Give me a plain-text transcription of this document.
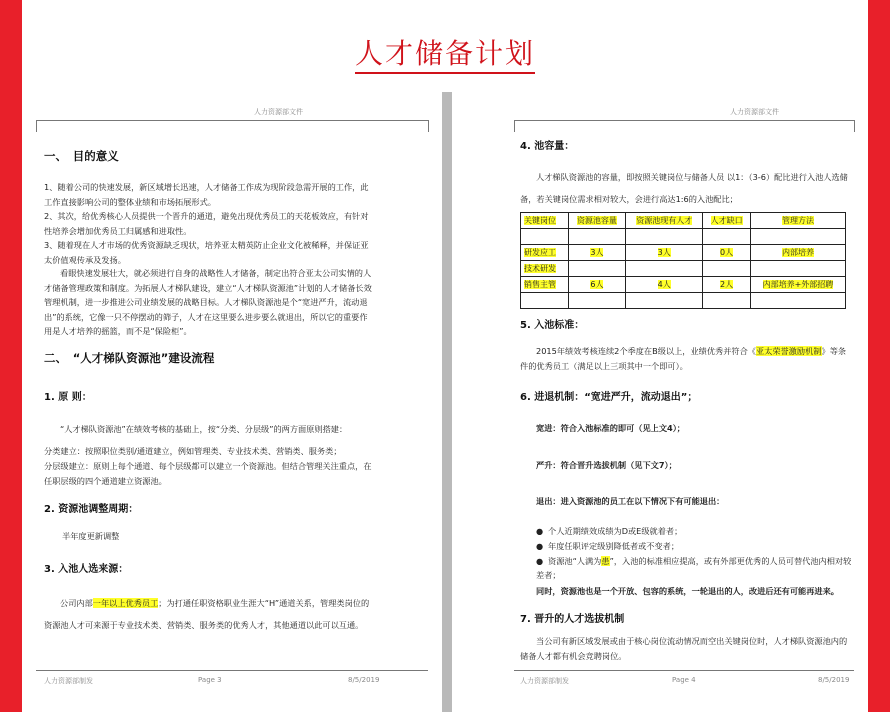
人才储备计划
人力资源部文件
一、　目的意义

1、随着公司的快速发展，新区域增长迅速，人才储备工作成为现阶段急需开展的工作，此工作直接影响公司的整体业绩和市场拓展形式。

2、其次，给优秀核心人员提供一个晋升的通道，避免出现优秀员工的天花板效应，有针对性培养会增加优秀员工归属感和进取性。

3、随着现在人才市场的优秀资源缺乏现状，培养亚太精英防止企业文化被稀释，并保证亚太价值观传承及发扬。

看眼快速发展壮大，就必须进行自身的战略性人才储备，制定出符合亚太公司实情的人才储备管理政策和制度。为拓展人才梯队建设，建立“人才梯队资源池”计划的人才储备长效管理机制，进一步推进公司业绩发展的战略目标。人才梯队资源池是个“宽进严升，流动退出”的系统，它像一只不停摆动的筛子，人才在这里要么进步要么就退出，所以它的重要作用是人才培养的摇篮，而不是“保险柜”。

二、　“人才梯队资源池”建设流程
1. 原 则：

“人才梯队资源池”在绩效考核的基础上，按“分类、分层级”的两方面原则搭建：

分类建立：按照职位类别/通道建立，例如管理类、专业技术类、营销类、服务类；

分层级建立：原则上每个通道、每个层级都可以建立一个资源池。但结合管理关注重点，在任职层级的四个通道建立资源池。

2. 资源池调整周期：

半年度更新调整

3. 入池人选来源：

公司内部一年以上优秀员工；为打通任职资格职业生涯大“H”通道关系，管理类岗位的资源池人才可来源于专业技术类、营销类、服务类的优秀人才，其他通道以此可以互通。

人力资源部制发	Page 3	8/5/2019
人力资源部文件
4. 池容量：

人才梯队资源池的容量，即按照关键岗位与储备人员 以1：（3-6）配比进行入池人选储备，若关键岗位需求相对较大，会进行高达1:6的入池配比；

关键岗位	资源池容量	资源池现有人才	人才缺口	管理方法

研发应工	3人	3人	0人	内部培养
技术研发				
销售主管	6人	4人	2人	内部培养+外部招聘

5. 入池标准：

2015年绩效考核连续2个季度在B级以上，业绩优秀并符合《亚太荣誉激励机制》等条件的优秀员工（满足以上三项其中一个即可）。

6. 进退机制：“宽进严升，流动退出”；

宽进：符合入池标准的即可（见上文4）；

严升：符合晋升选拔机制（见下文7）；

退出：进入资源池的员工在以下情况下有可能退出：

● 个人近期绩效成绩为D或E级就着者；

● 年度任职评定级别降低者或不变者；

● 资源池“人满为患”，入池的标准相应提高，或有外部更优秀的人员可替代池内相对较差者；

同时，资源池也是一个开放、包容的系统，一轮退出的人，改进后还有可能再进来。

7. 晋升的人才选拔机制

当公司有新区域发展或由于核心岗位流动情况而空出关键岗位时，人才梯队资源池内的储备人才都有机会竞聘岗位。

人力资源部制发	Page 4	8/5/2019
